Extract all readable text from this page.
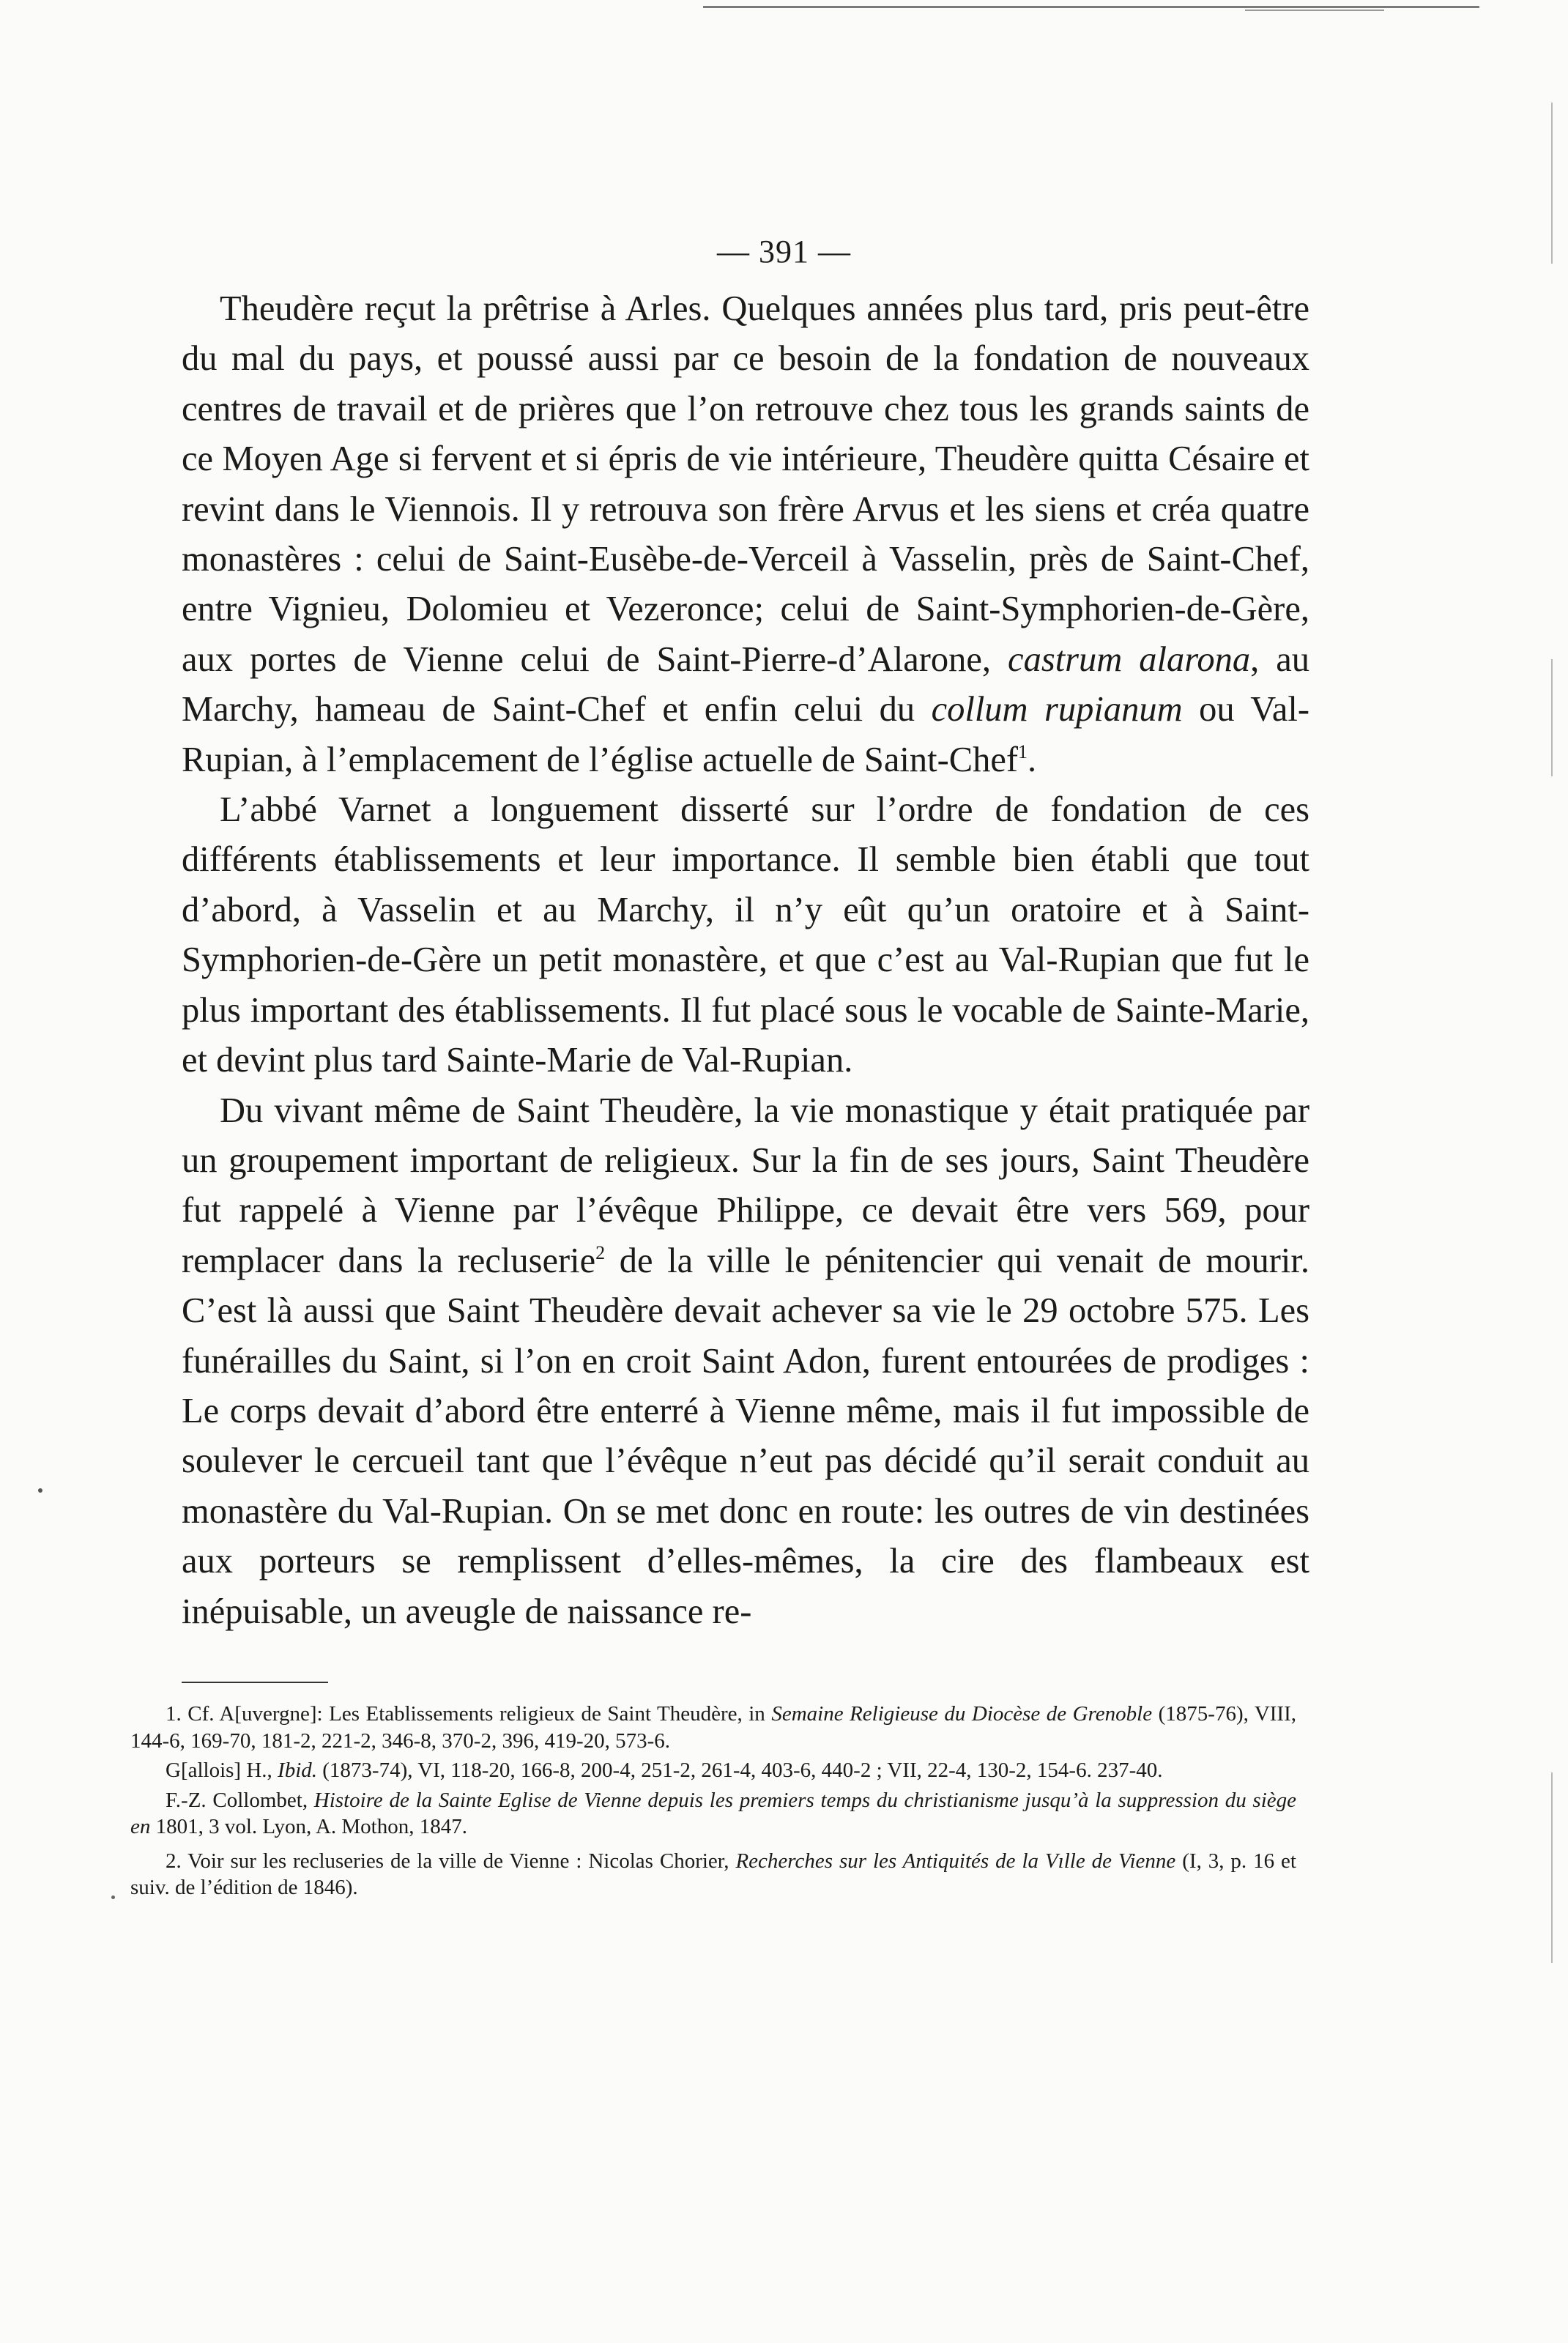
— 391 —

Theudère reçut la prêtrise à Arles. Quelques années plus tard, pris peut-être du mal du pays, et poussé aussi par ce besoin de la fondation de nouveaux centres de travail et de prières que l’on retrouve chez tous les grands saints de ce Moyen Age si fervent et si épris de vie intérieure, Theudère quitta Césaire et revint dans le Viennois. Il y retrouva son frère Arvus et les siens et créa quatre monastères : celui de Saint-Eusèbe-de-Verceil à Vasselin, près de Saint-Chef, entre Vignieu, Dolomieu et Vezeronce; celui de Saint-Symphorien-de-Gère, aux portes de Vienne celui de Saint-Pierre-d’Alarone, castrum alarona, au Marchy, hameau de Saint-Chef et enfin celui du collum rupianum ou Val-Rupian, à l’emplacement de l’église actuelle de Saint-Chef$^1$.

L’abbé Varnet a longuement disserté sur l’ordre de fondation de ces différents établissements et leur importance. Il semble bien établi que tout d’abord, à Vasselin et au Marchy, il n’y eût qu’un oratoire et à Saint-Symphorien-de-Gère un petit monastère, et que c’est au Val-Rupian que fut le plus important des établissements. Il fut placé sous le vocable de Sainte-Marie, et devint plus tard Sainte-Marie de Val-Rupian.

Du vivant même de Saint Theudère, la vie monastique y était pratiquée par un groupement important de religieux. Sur la fin de ses jours, Saint Theudère fut rappelé à Vienne par l’évêque Philippe, ce devait être vers 569, pour remplacer dans la recluserie$^2$ de la ville le pénitencier qui venait de mourir. C’est là aussi que Saint Theudère devait achever sa vie le 29 octobre 575. Les funérailles du Saint, si l’on en croit Saint Adon, furent entourées de prodiges : Le corps devait d’abord être enterré à Vienne même, mais il fut impossible de soulever le cercueil tant que l’évêque n’eut pas décidé qu’il serait conduit au monastère du Val-Rupian. On se met donc en route: les outres de vin destinées aux porteurs se remplissent d’elles-mêmes, la cire des flambeaux est inépuisable, un aveugle de naissance re-

1. Cf. A[uvergne]: Les Etablissements religieux de Saint Theudère, in Semaine Religieuse du Diocèse de Grenoble (1875-76), VIII, 144-6, 169-70, 181-2, 221-2, 346-8, 370-2, 396, 419-20, 573-6.

G[allois] H., Ibid. (1873-74), VI, 118-20, 166-8, 200-4, 251-2, 261-4, 403-6, 440-2 ; VII, 22-4, 130-2, 154-6. 237-40.

F.-Z. Collombet, Histoire de la Sainte Eglise de Vienne depuis les premiers temps du christianisme jusqu’à la suppression du siège en 1801, 3 vol. Lyon, A. Mothon, 1847.

2. Voir sur les recluseries de la ville de Vienne : Nicolas Chorier, Recherches sur les Antiquités de la Vılle de Vienne (I, 3, p. 16 et suiv. de l’édition de 1846).
